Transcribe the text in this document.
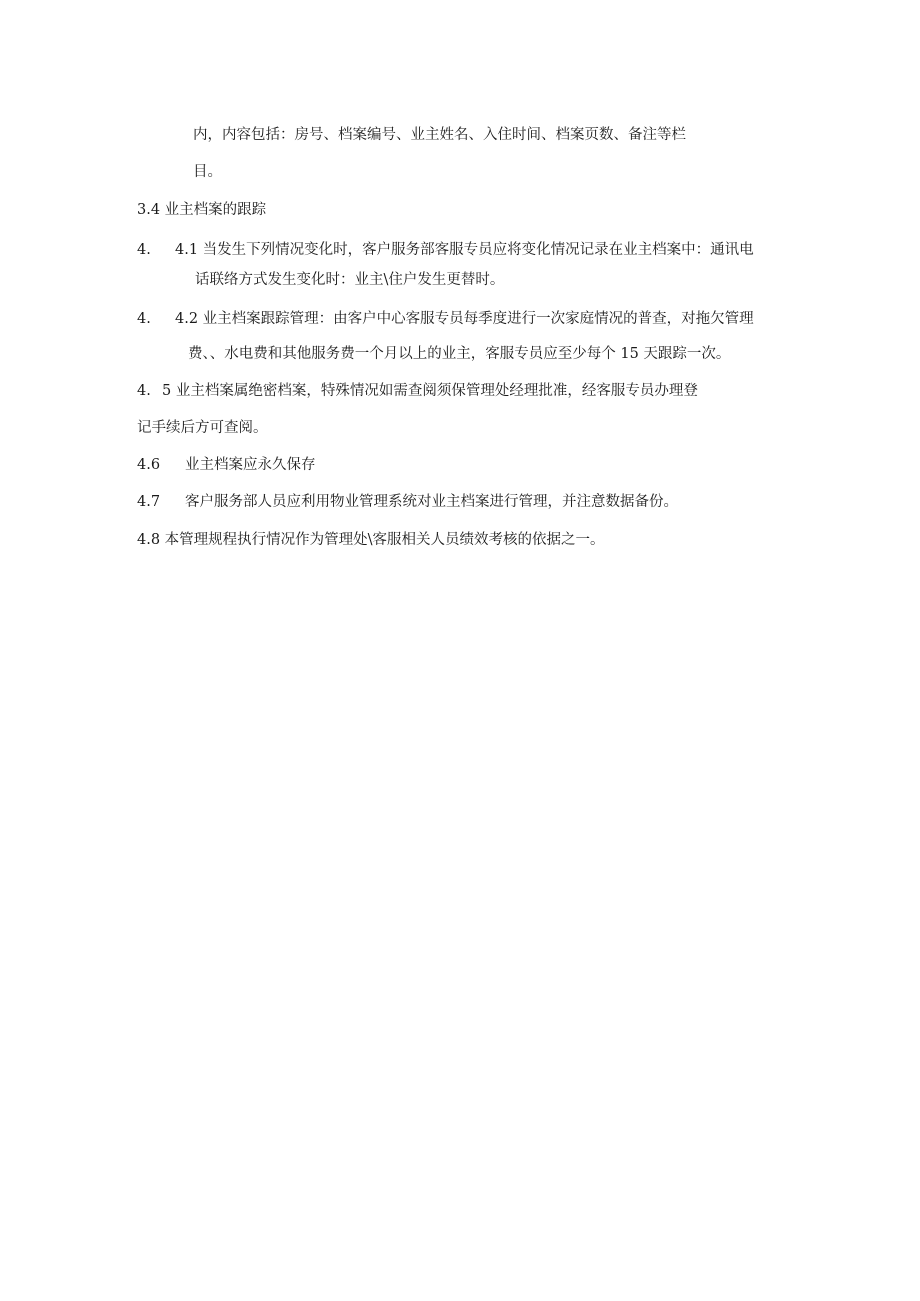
内，内容包括：房号、档案编号、业主姓名、入住时间、档案页数、备注等栏
目。
3.4 业主档案的跟踪
4. 4.1 当发生下列情况变化时，客户服务部客服专员应将变化情况记录在业主档案中：通讯电
话联络方式发生变化时：业主\住户发生更替时。
4. 4.2 业主档案跟踪管理：由客户中心客服专员每季度进行一次家庭情况的普查，对拖欠管理
费、、水电费和其他服务费一个月以上的业主，客服专员应至少每个 15 天跟踪一次。
4. 5 业主档案属绝密档案，特殊情况如需查阅须保管理处经理批准，经客服专员办理登
记手续后方可查阅。
4.6 业主档案应永久保存
4.7 客户服务部人员应利用物业管理系统对业主档案进行管理，并注意数据备份。
4.8 本管理规程执行情况作为管理处\客服相关人员绩效考核的依据之一。
